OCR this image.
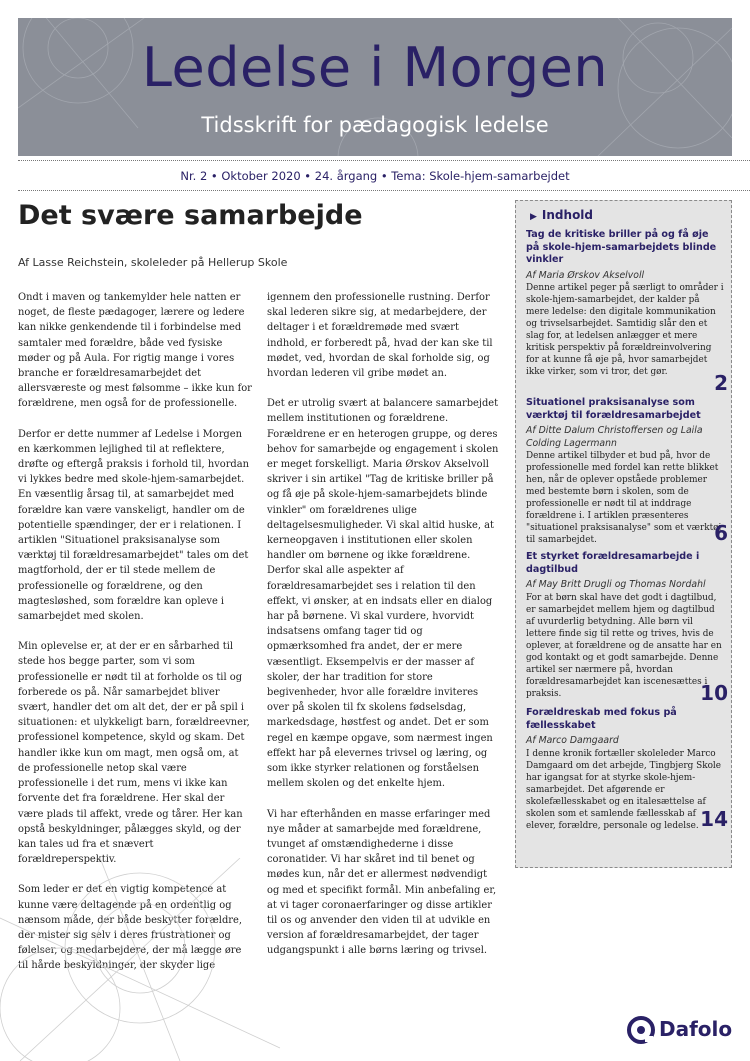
Ledelse i Morgen
Tidsskrift for pædagogisk ledelse
Nr. 2 • Oktober 2020 • 24. årgang • Tema: Skole-hjem-samarbejdet
Det svære samarbejde
Af Lasse Reichstein, skoleleder på Hellerup Skole

Ondt i maven og tankemylder hele natten er noget, de fleste pædagoger, lærere og ledere kan nikke genkendende til i forbindelse med samtaler med forældre, både ved fysiske møder og på Aula. For rigtig mange i vores branche er forældresamarbejdet det allersværeste og mest følsomme – ikke kun for forældrene, men også for de professionelle.

Derfor er dette nummer af Ledelse i Morgen en kærkommen lejlighed til at reflektere, drøfte og eftergå praksis i forhold til, hvordan vi lykkes bedre med skole-hjem-samarbejdet. En væsentlig årsag til, at samarbejdet med forældre kan være vanskeligt, handler om de potentielle spændinger, der er i relationen. I artiklen "Situationel praksisanalyse som værktøj til forældresamarbejdet" tales om det magtforhold, der er til stede mellem de professionelle og forældrene, og den magtesløshed, som forældre kan opleve i samarbejdet med skolen.

Min oplevelse er, at der er en sårbarhed til stede hos begge parter, som vi som professionelle er nødt til at forholde os til og forberede os på. Når samarbejdet bliver svært, handler det om alt det, der er på spil i situationen: et ulykkeligt barn, forældreevner, professionel kompetence, skyld og skam. Det handler ikke kun om magt, men også om, at de professionelle netop skal være professionelle i det rum, mens vi ikke kan forvente det fra forældrene. Her skal der være plads til affekt, vrede og tårer. Her kan opstå beskyldninger, pålægges skyld, og der kan tales ud fra et snævert forældreperspektiv.

Som leder er det en vigtig kompetence at kunne være deltagende på en ordentlig og nænsom måde, der både beskytter forældre, der mister sig selv i deres frustrationer og følelser, og medarbejdere, der må lægge øre til hårde beskyldninger, der skyder lige

igennem den professionelle rustning. Derfor skal lederen sikre sig, at medarbejdere, der deltager i et forældremøde med svært indhold, er forberedt på, hvad der kan ske til mødet, ved, hvordan de skal forholde sig, og hvordan lederen vil gribe mødet an.

Det er utrolig svært at balancere samarbejdet mellem institutionen og forældrene. Forældrene er en heterogen gruppe, og deres behov for samarbejde og engagement i skolen er meget forskelligt. Maria Ørskov Akselvoll skriver i sin artikel "Tag de kritiske briller på og få øje på skole-hjem-samarbejdets blinde vinkler" om forældrenes ulige deltagelsesmuligheder. Vi skal altid huske, at kerneopgaven i institutionen eller skolen handler om børnene og ikke forældrene. Derfor skal alle aspekter af forældresamarbejdet ses i relation til den effekt, vi ønsker, at en indsats eller en dialog har på børnene. Vi skal vurdere, hvorvidt indsatsens omfang tager tid og opmærksomhed fra andet, der er mere væsentligt. Eksempelvis er der masser af skoler, der har tradition for store begivenheder, hvor alle forældre inviteres over på skolen til fx skolens fødselsdag, markedsdage, høstfest og andet. Det er som regel en kæmpe opgave, som nærmest ingen effekt har på elevernes trivsel og læring, og som ikke styrker relationen og forståelsen mellem skolen og det enkelte hjem.

Vi har efterhånden en masse erfaringer med nye måder at samarbejde med forældrene, tvunget af omstændighederne i disse coronatider. Vi har skåret ind til benet og mødes kun, når det er allermest nødvendigt og med et specifikt formål. Min anbefaling er, at vi tager coronaerfaringer og disse artikler til os og anvender den viden til at udvikle en version af forældresamarbejdet, der tager udgangspunkt i alle børns læring og trivsel.

▶ Indhold
Tag de kritiske briller på og få øje på skole-hjem-samarbejdets blinde vinkler
Af Maria Ørskov Akselvoll
Denne artikel peger på særligt to områder i skole-hjem-samarbejdet, der kalder på mere ledelse: den digitale kommunikation og trivselsarbejdet. Samtidig slår den et slag for, at ledelsen anlægger et mere kritisk perspektiv på forældreinvolvering for at kunne få øje på, hvor samarbejdet ikke virker, som vi tror, det gør.	2
Situationel praksisanalyse som værktøj til forældresamarbejdet
Af Ditte Dalum Christoffersen og Laila Colding Lagermann
Denne artikel tilbyder et bud på, hvor de professionelle med fordel kan rette blikket hen, når de oplever opståede problemer med bestemte børn i skolen, som de professionelle er nødt til at inddrage forældrene i. I artiklen præsenteres "situationel praksisanalyse" som et værktøj til samarbejdet.	6
Et styrket forældresamarbejde i dagtilbud
Af May Britt Drugli og Thomas Nordahl
For at børn skal have det godt i dagtilbud, er samarbejdet mellem hjem og dagtilbud af uvurderlig betydning. Alle børn vil lettere finde sig til rette og trives, hvis de oplever, at forældrene og de ansatte har en god kontakt og et godt samarbejde. Denne artikel ser nærmere på, hvordan forældresamarbejdet kan iscenesættes i praksis.	10
Forældreskab med fokus på fællesskabet
Af Marco Damgaard
I denne kronik fortæller skoleleder Marco Damgaard om det arbejde, Tingbjerg Skole har igangsat for at styrke skole-hjem-samarbejdet. Det afgørende er skolefællesskabet og en italesættelse af skolen som et samlende fællesskab af elever, forældre, personale og ledelse. 14
Dafolo
